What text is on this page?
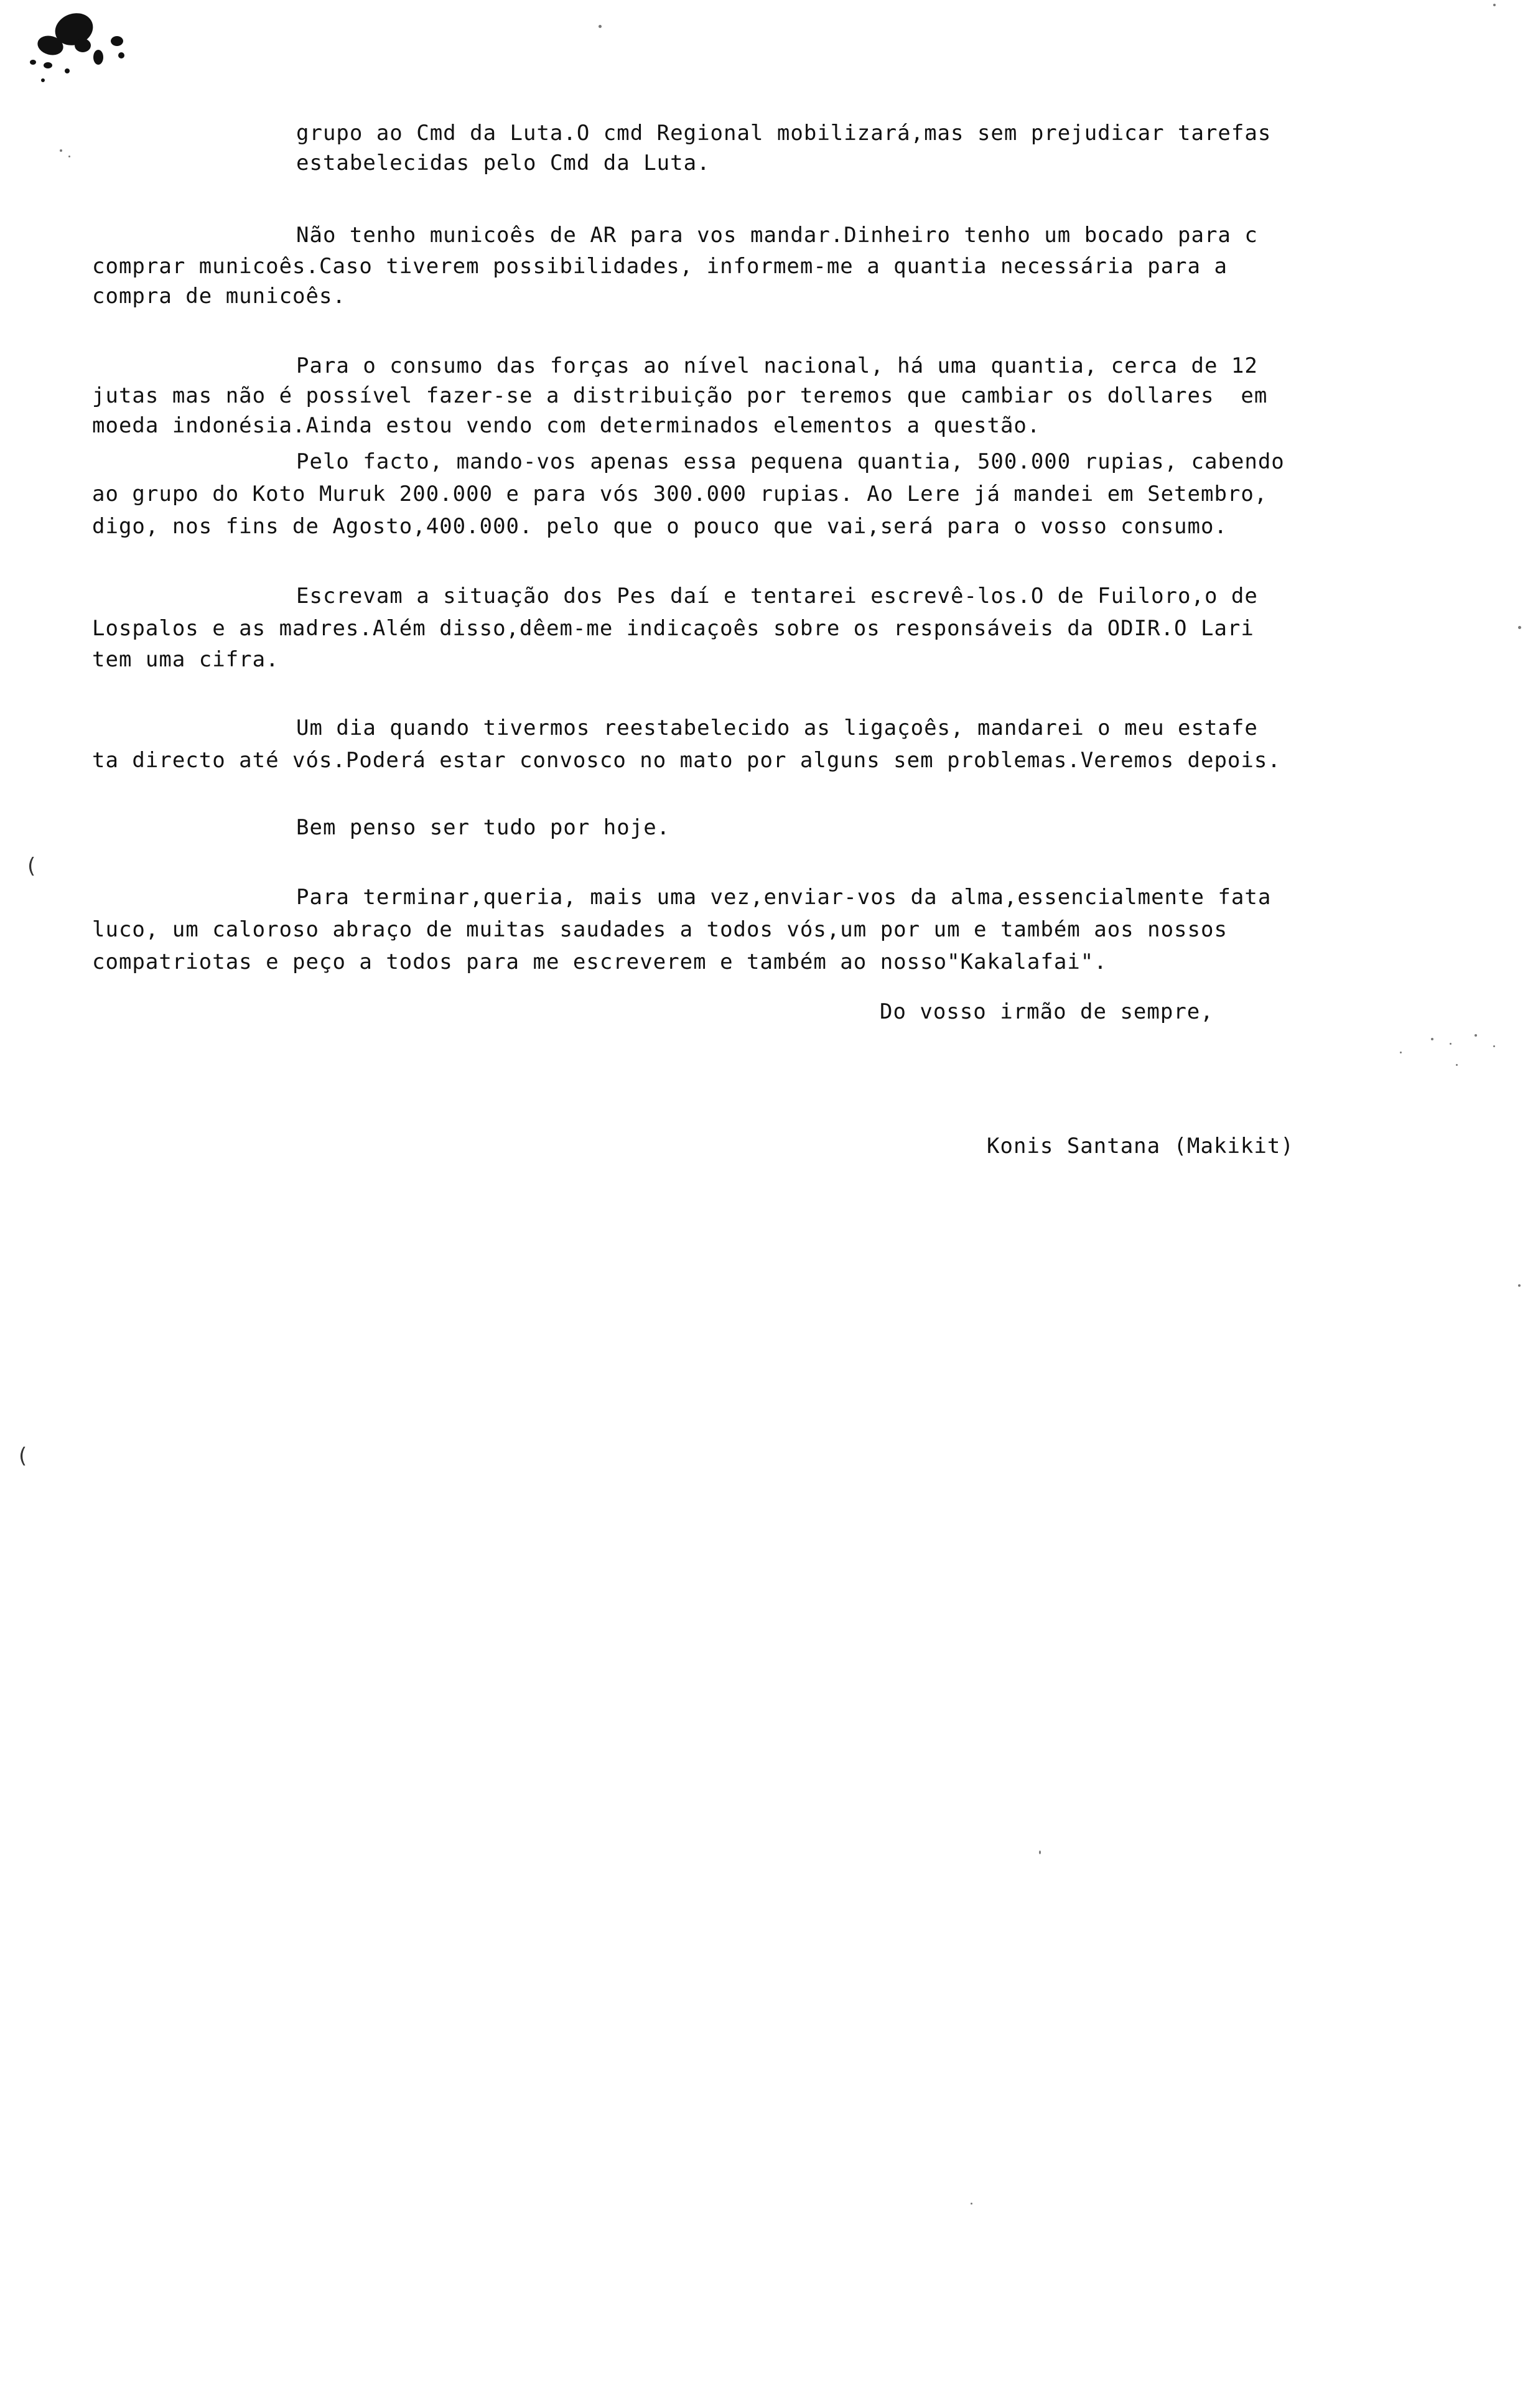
(
(
grupo ao Cmd da Luta.O cmd Regional mobilizará,mas sem prejudicar tarefas
estabelecidas pelo Cmd da Luta.
Não tenho municoês de AR para vos mandar.Dinheiro tenho um bocado para c
comprar municoês.Caso tiverem possibilidades, informem-me a quantia necessária para a
compra de municoês.
Para o consumo das forças ao nível nacional, há uma quantia, cerca de 12
jutas mas não é possível fazer-se a distribuição por teremos que cambiar os dollares  em
moeda indonésia.Ainda estou vendo com determinados elementos a questão.
Pelo facto, mando-vos apenas essa pequena quantia, 500.000 rupias, cabendo
ao grupo do Koto Muruk 200.000 e para vós 300.000 rupias. Ao Lere já mandei em Setembro,
digo, nos fins de Agosto,400.000. pelo que o pouco que vai,será para o vosso consumo.
Escrevam a situação dos Pes daí e tentarei escrevê-los.O de Fuiloro,o de
Lospalos e as madres.Além disso,dêem-me indicaçoês sobre os responsáveis da ODIR.O Lari
tem uma cifra.
Um dia quando tivermos reestabelecido as ligaçoês, mandarei o meu estafe
ta directo até vós.Poderá estar convosco no mato por alguns sem problemas.Veremos depois.
Bem penso ser tudo por hoje.
Para terminar,queria, mais uma vez,enviar-vos da alma,essencialmente fata
luco, um caloroso abraço de muitas saudades a todos vós,um por um e também aos nossos
compatriotas e peço a todos para me escreverem e também ao nosso"Kakalafai".
Do vosso irmão de sempre,
Konis Santana (Makikit)
